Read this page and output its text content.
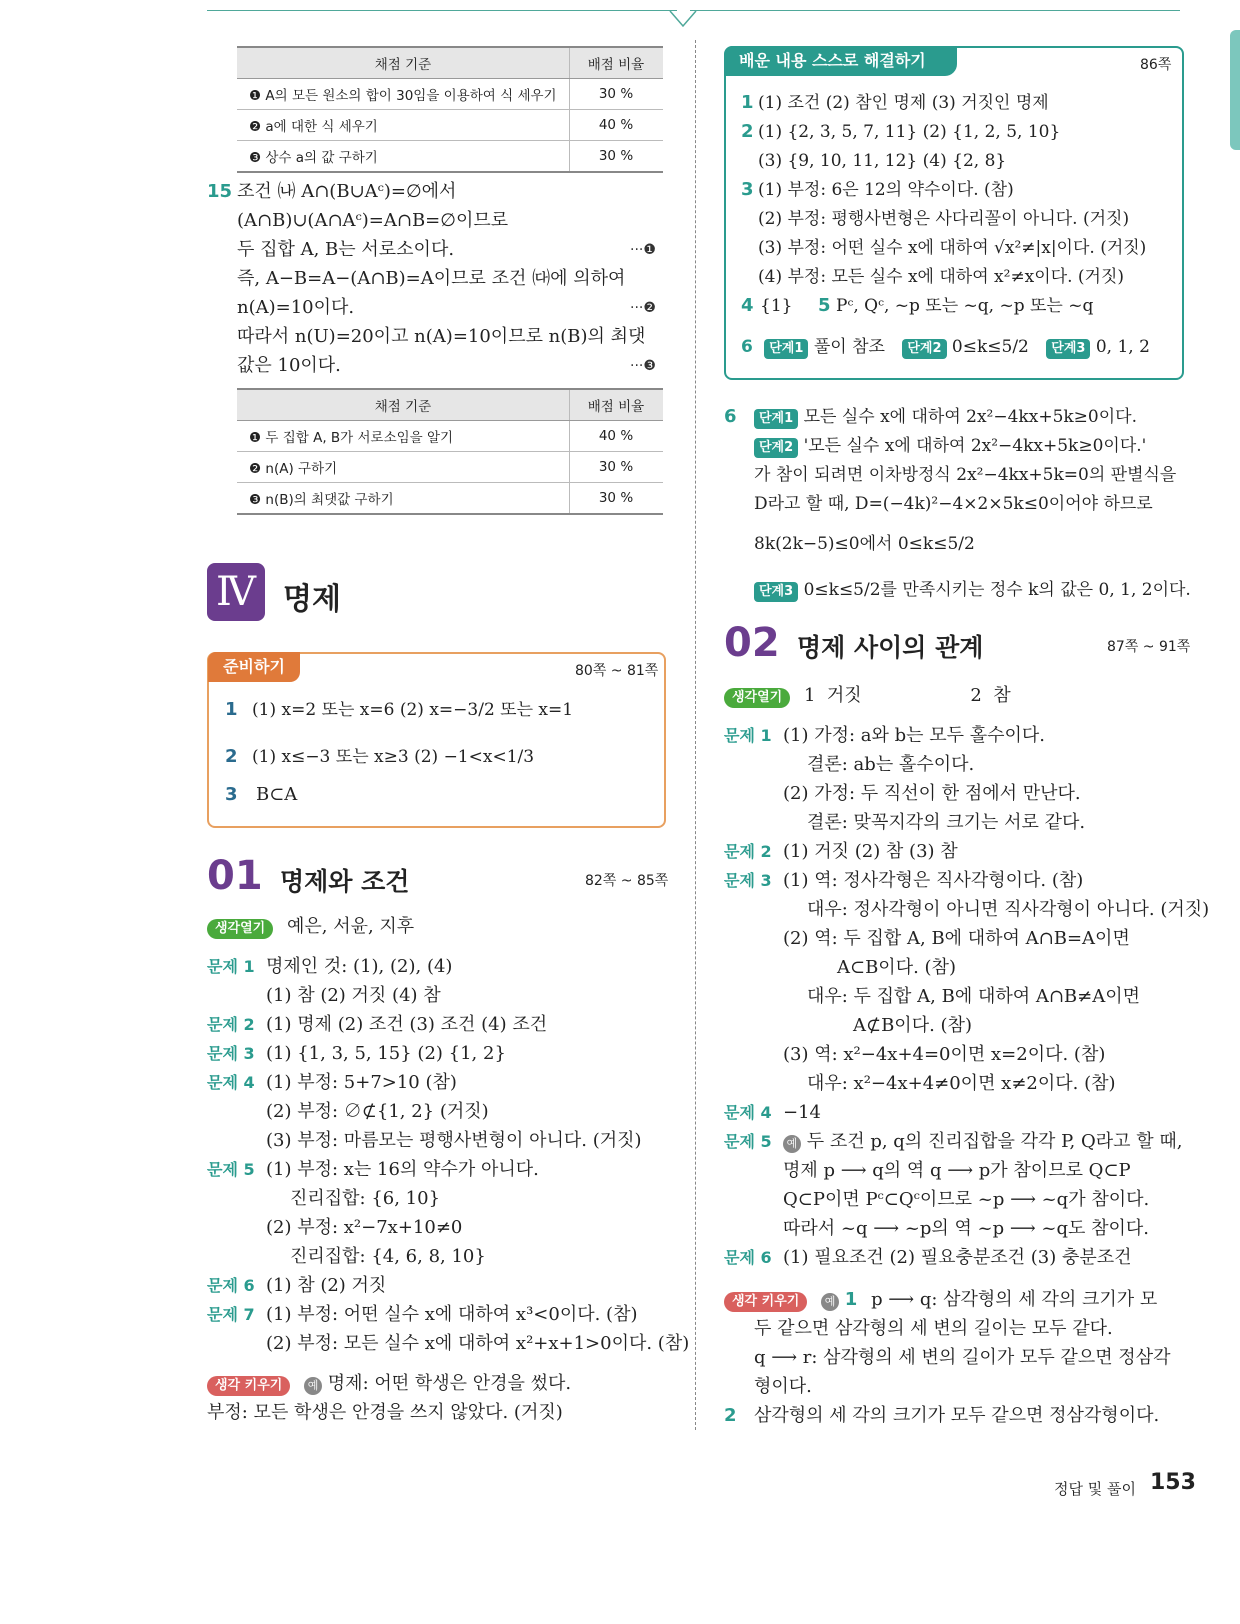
채점 기준	배점 비율
❶ A의 모든 원소의 합이 30임을 이용하여 식 세우기	30 %
❷ a에 대한 식 세우기	40 %
❸ 상수 a의 값 구하기	30 %
15 조건 ㈏ A∩(B∪Aᶜ)=∅에서
(A∩B)∪(A∩Aᶜ)=A∩B=∅이므로
두 집합 A, B는 서로소이다.	···❶
즉, A−B=A−(A∩B)=A이므로 조건 ㈐에 의하여
n(A)=10이다.	···❷
따라서 n(U)=20이고 n(A)=10이므로 n(B)의 최댓
값은 10이다.	···❸
채점 기준	배점 비율
❶ 두 집합 A, B가 서로소임을 알기	40 %
❷ n(A) 구하기	30 %
❸ n(B)의 최댓값 구하기	30 %
Ⅳ 명제
준비하기	80쪽 ~ 81쪽
1 (1) x=2 또는 x=6 (2) x=−3/2 또는 x=1
2 (1) x≤−3 또는 x≥3 (2) −1<x<1/3
3 B⊂A
01 명제와 조건	82쪽 ~ 85쪽
생각열기 예은, 서윤, 지후
문제 1 명제인 것: (1), (2), (4)
(1) 참 (2) 거짓 (4) 참
문제 2 (1) 명제 (2) 조건 (3) 조건 (4) 조건
문제 3 (1) {1, 3, 5, 15} (2) {1, 2}
문제 4 (1) 부정: 5+7>10 (참)
(2) 부정: ∅⊄{1, 2} (거짓)
(3) 부정: 마름모는 평행사변형이 아니다. (거짓)
문제 5 (1) 부정: x는 16의 약수가 아니다.
진리집합: {6, 10}
(2) 부정: x²−7x+10≠0
진리집합: {4, 6, 8, 10}
문제 6 (1) 참 (2) 거짓
문제 7 (1) 부정: 어떤 실수 x에 대하여 x³<0이다. (참)
(2) 부정: 모든 실수 x에 대하여 x²+x+1>0이다. (참)
생각 키우기 예 명제: 어떤 학생은 안경을 썼다.
부정: 모든 학생은 안경을 쓰지 않았다. (거짓)
배운 내용 스스로 해결하기	86쪽
1 (1) 조건 (2) 참인 명제 (3) 거짓인 명제
2 (1) {2, 3, 5, 7, 11} (2) {1, 2, 5, 10}
(3) {9, 10, 11, 12} (4) {2, 8}
3 (1) 부정: 6은 12의 약수이다. (참)
(2) 부정: 평행사변형은 사다리꼴이 아니다. (거짓)
(3) 부정: 어떤 실수 x에 대하여 √x²≠|x|이다. (거짓)
(4) 부정: 모든 실수 x에 대하여 x²≠x이다. (거짓)
4 {1} 5 Pᶜ, Qᶜ, ~p 또는 ~q, ~p 또는 ~q
6 단계1 풀이 참조 단계2 0≤k≤5/2 단계3 0, 1, 2
6	단계1 모든 실수 x에 대하여 2x²−4kx+5k≥0이다.
단계2 '모든 실수 x에 대하여 2x²−4kx+5k≥0이다.'
가 참이 되려면 이차방정식 2x²−4kx+5k=0의 판별식을
D라고 할 때, D=(−4k)²−4×2×5k≤0이어야 하므로
8k(2k−5)≤0에서 0≤k≤5/2
단계3 0≤k≤5/2를 만족시키는 정수 k의 값은 0, 1, 2이다.
02 명제 사이의 관계	87쪽 ~ 91쪽
생각열기 1  거짓                   2  참
문제 1 (1) 가정: a와 b는 모두 홀수이다.
결론: ab는 홀수이다.
(2) 가정: 두 직선이 한 점에서 만난다.
결론: 맞꼭지각의 크기는 서로 같다.
문제 2 (1) 거짓 (2) 참 (3) 참
문제 3 (1) 역: 정사각형은 직사각형이다. (참)
대우: 정사각형이 아니면 직사각형이 아니다. (거짓)
(2) 역: 두 집합 A, B에 대하여 A∩B=A이면
A⊂B이다. (참)
대우: 두 집합 A, B에 대하여 A∩B≠A이면
A⊄B이다. (참)
(3) 역: x²−4x+4=0이면 x=2이다. (참)
대우: x²−4x+4≠0이면 x≠2이다. (참)
문제 4 −14
문제 5	예 두 조건 p, q의 진리집합을 각각 P, Q라고 할 때,
명제 p ⟶ q의 역 q ⟶ p가 참이므로 Q⊂P
Q⊂P이면 Pᶜ⊂Qᶜ이므로 ~p ⟶ ~q가 참이다.
따라서 ~q ⟶ ~p의 역 ~p ⟶ ~q도 참이다.
문제 6 (1) 필요조건 (2) 필요충분조건 (3) 충분조건
생각 키우기 예 1 p ⟶ q: 삼각형의 세 각의 크기가 모
두 같으면 삼각형의 세 변의 길이는 모두 같다.
q ⟶ r: 삼각형의 세 변의 길이가 모두 같으면 정삼각
형이다.
2 삼각형의 세 각의 크기가 모두 같으면 정삼각형이다.
정답 및 풀이 153
